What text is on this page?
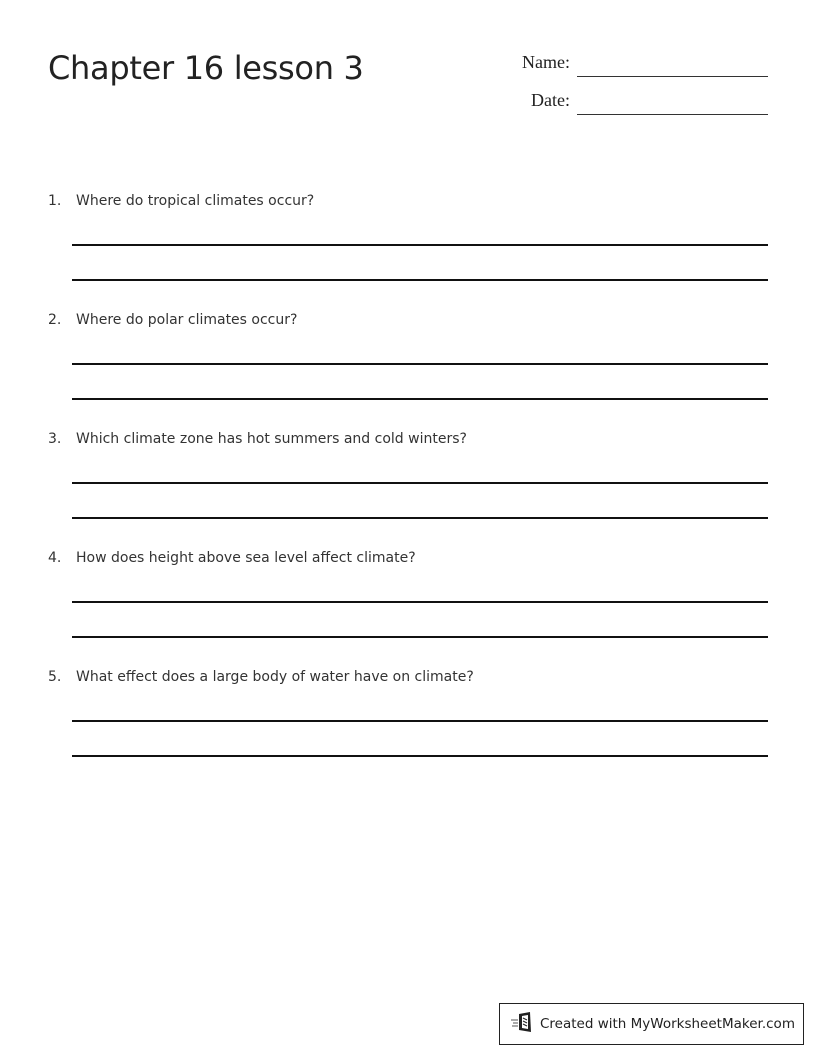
Chapter 16 lesson 3	Name:
Date:
1. Where do tropical climates occur?
2. Where do polar climates occur?
3. Which climate zone has hot summers and cold winters?
4. How does height above sea level affect climate?
5. What effect does a large body of water have on climate?
Created with MyWorksheetMaker.com
